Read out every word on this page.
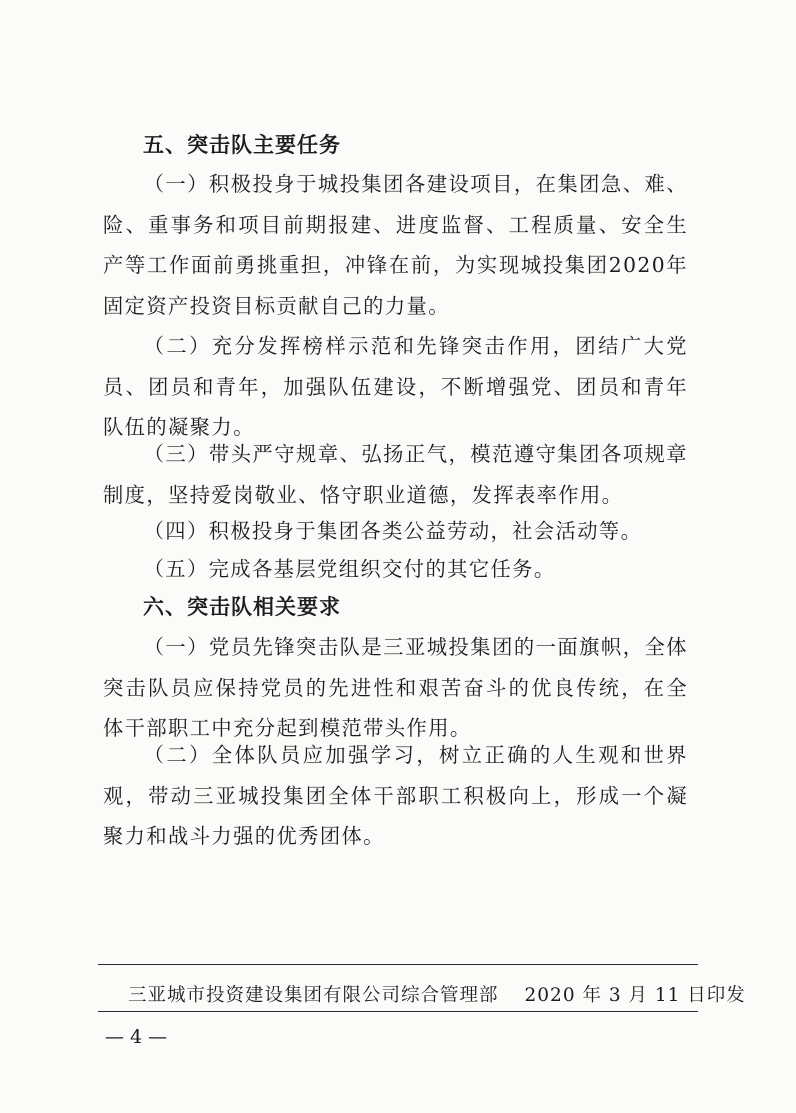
五、突击队主要任务

（一）积极投身于城投集团各建设项目，在集团急、难、险、重事务和项目前期报建、进度监督、工程质量、安全生产等工作面前勇挑重担，冲锋在前，为实现城投集团2020年固定资产投资目标贡献自己的力量。

（二）充分发挥榜样示范和先锋突击作用，团结广大党员、团员和青年，加强队伍建设，不断增强党、团员和青年队伍的凝聚力。

（三）带头严守规章、弘扬正气，模范遵守集团各项规章制度，坚持爱岗敬业、恪守职业道德，发挥表率作用。

（四）积极投身于集团各类公益劳动，社会活动等。

（五）完成各基层党组织交付的其它任务。

六、突击队相关要求

（一）党员先锋突击队是三亚城投集团的一面旗帜，全体突击队员应保持党员的先进性和艰苦奋斗的优良传统，在全体干部职工中充分起到模范带头作用。

（二）全体队员应加强学习，树立正确的人生观和世界观，带动三亚城投集团全体干部职工积极向上，形成一个凝聚力和战斗力强的优秀团体。

三亚城市投资建设集团有限公司综合管理部 2020 年 3 月 11 日印发
— 4 —
